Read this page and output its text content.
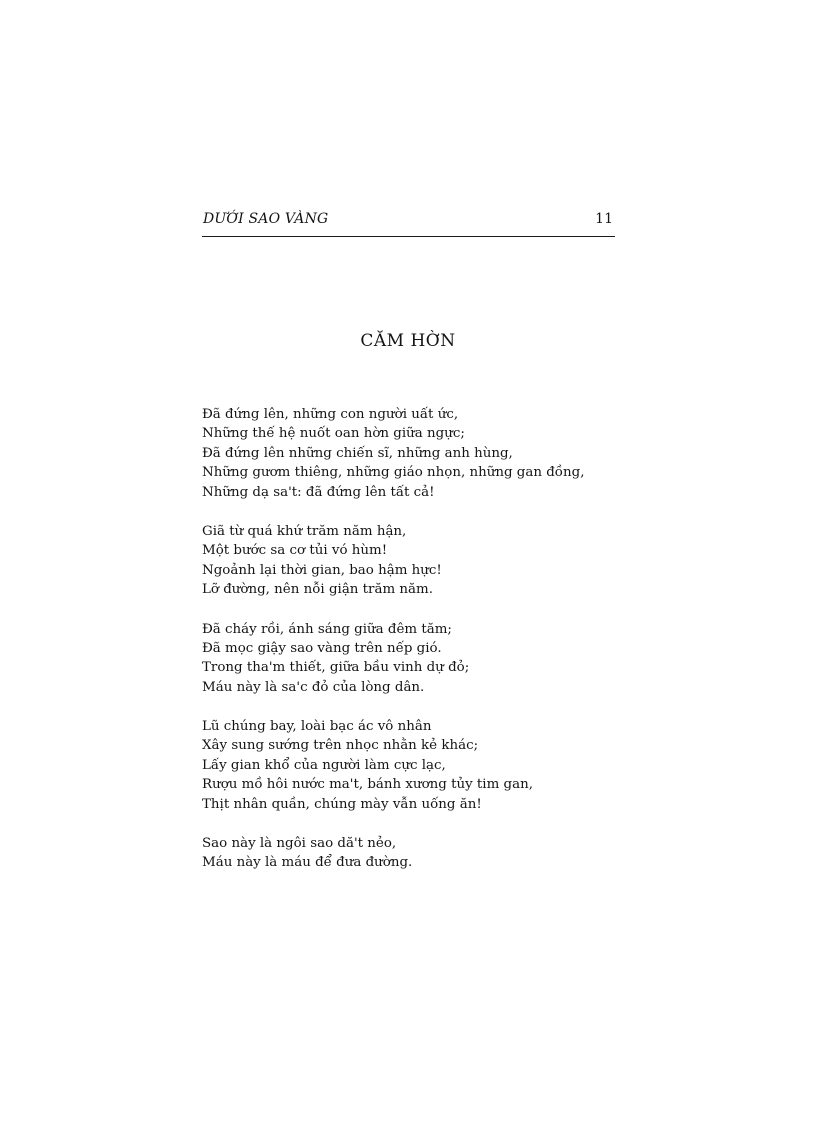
DƯỚI SAO VÀNG	11
CĂM HỜN
Đã đứng lên, những con người uất ức,
Những thế hệ nuốt oan hờn giữa ngực;
Đã đứng lên những chiến sĩ, những anh hùng,
Những gươm thiêng, những giáo nhọn, những gan đồng,
Những dạ sa't: đã đứng lên tất cả!
Giã từ quá khứ trăm năm hận,
Một bước sa cơ tủi vó hùm!
Ngoảnh lại thời gian, bao hậm hực!
Lỡ đường, nên nỗi giận trăm năm.
Đã cháy rồi, ánh sáng giữa đêm tăm;
Đã mọc giậy sao vàng trên nếp gió.
Trong tha'm thiết, giữa bầu vinh dự đỏ;
Máu này là sa'c đỏ của lòng dân.
Lũ chúng bay, loài bạc ác vô nhân
Xây sung sướng trên nhọc nhằn kẻ khác;
Lấy gian khổ của người làm cực lạc,
Rượu mồ hôi nước ma't, bánh xương tủy tim gan,
Thịt nhân quần, chúng mày vẫn uống ăn!
Sao này là ngôi sao dă't nẻo,
Máu này là máu để đưa đường.
